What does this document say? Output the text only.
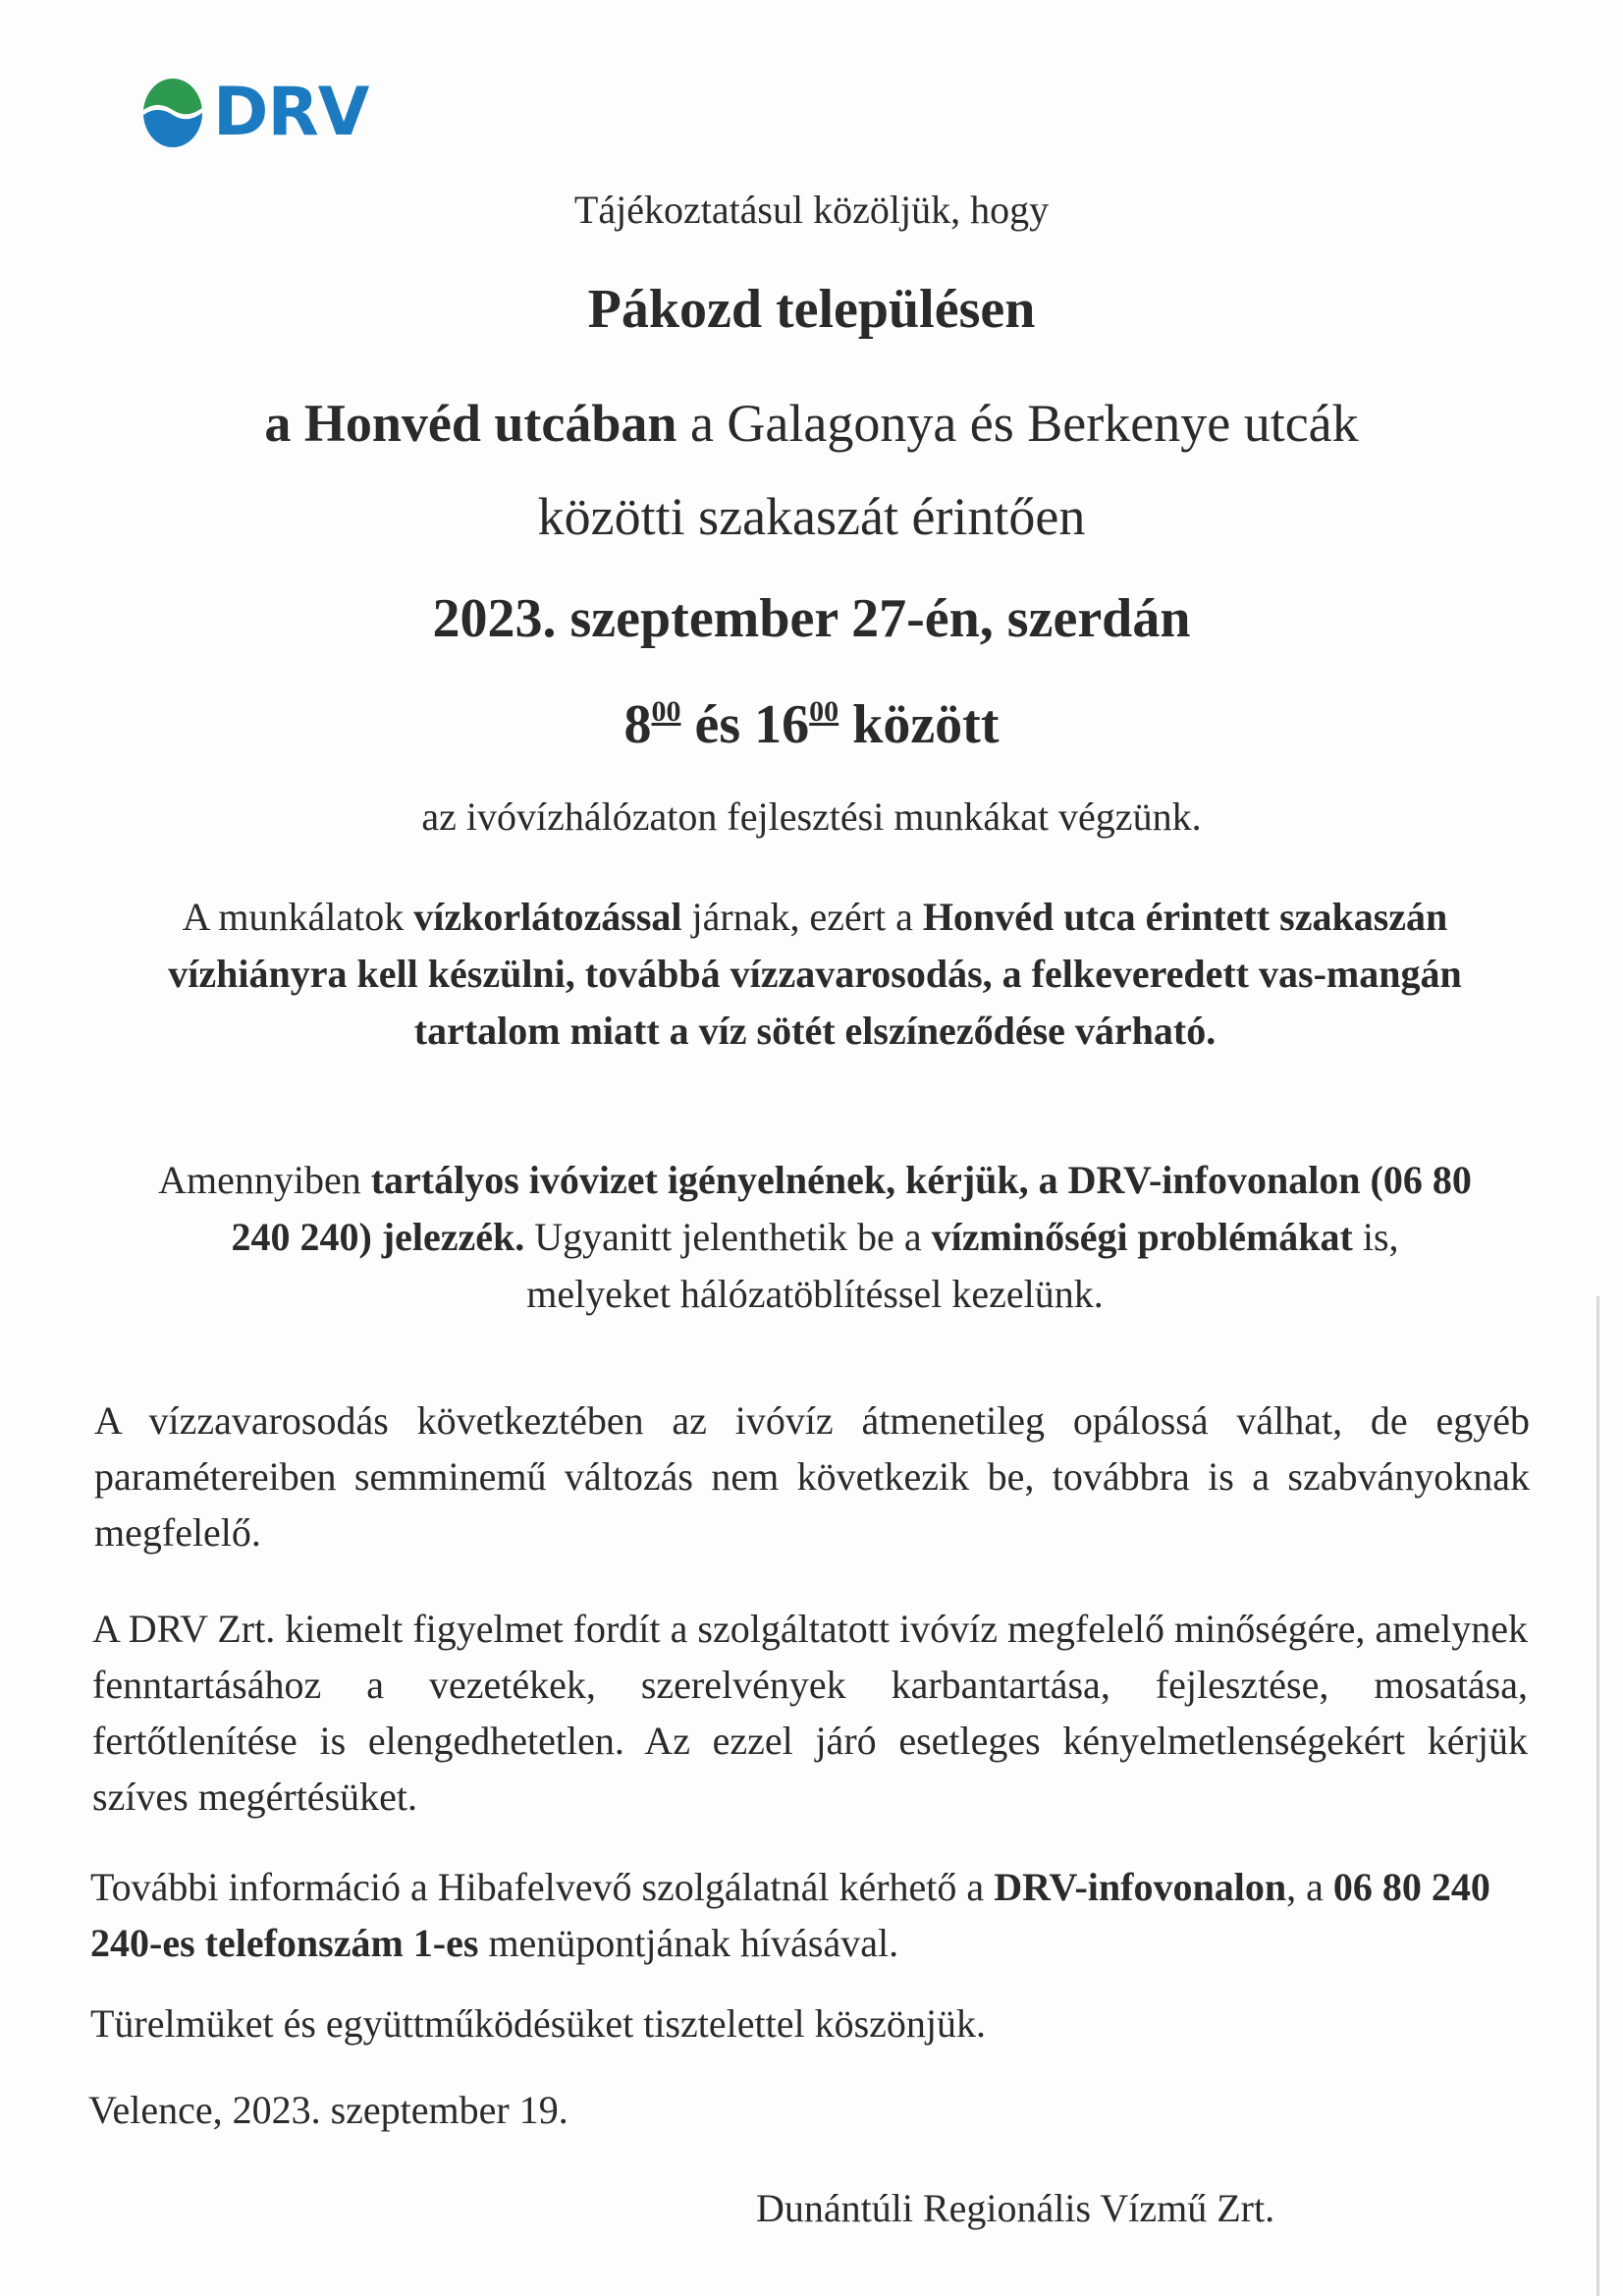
DRV
Tájékoztatásul közöljük, hogy
Pákozd településen
a Honvéd utcában a Galagonya és Berkenye utcák
közötti szakaszát érintően
2023. szeptember 27-én, szerdán
$8^{00}$ és $16^{00}$ között
az ivóvízhálózaton fejlesztési munkákat végzünk.
A munkálatok vízkorlátozással járnak, ezért a Honvéd utca érintett szakaszán vízhiányra kell készülni, továbbá vízzavarosodás, a felkeveredett vas-mangán tartalom miatt a víz sötét elszíneződése várható.
Amennyiben tartályos ivóvizet igényelnének, kérjük, a DRV-infovonalon (06 80 240 240) jelezzék. Ugyanitt jelenthetik be a vízminőségi problémákat is, melyeket hálózatöblítéssel kezelünk.
A vízzavarosodás következtében az ivóvíz átmenetileg opálossá válhat, de egyéb paramétereiben semminemű változás nem következik be, továbbra is a szabványoknak megfelelő.
A DRV Zrt. kiemelt figyelmet fordít a szolgáltatott ivóvíz megfelelő minőségére, amelynek fenntartásához a vezetékek, szerelvények karbantartása, fejlesztése, mosatása, fertőtlenítése is elengedhetetlen. Az ezzel járó esetleges kényelmetlenségekért kérjük szíves megértésüket.
További információ a Hibafelvevő szolgálatnál kérhető a DRV-infovonalon, a 06 80 240 240-es telefonszám 1-es menüpontjának hívásával.
Türelmüket és együttműködésüket tisztelettel köszönjük.
Velence, 2023. szeptember 19.
Dunántúli Regionális Vízmű Zrt.
